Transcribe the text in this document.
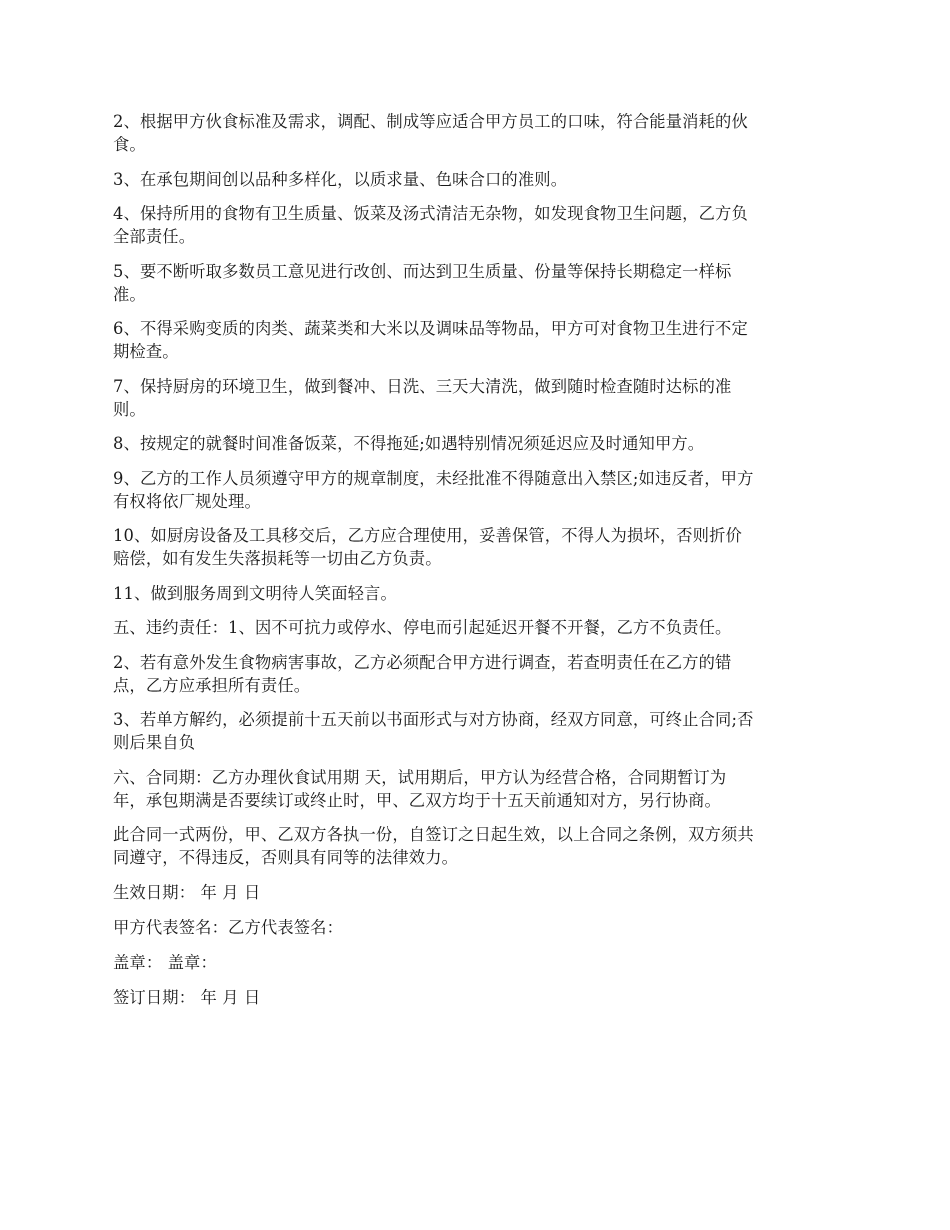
2、根据甲方伙食标准及需求，调配、制成等应适合甲方员工的口味，符合能量消耗的伙
食。

3、在承包期间创以品种多样化，以质求量、色味合口的准则。

4、保持所用的食物有卫生质量、饭菜及汤式清洁无杂物，如发现食物卫生问题，乙方负
全部责任。

5、要不断听取多数员工意见进行改创、而达到卫生质量、份量等保持长期稳定一样标
准。

6、不得采购变质的肉类、蔬菜类和大米以及调味品等物品，甲方可对食物卫生进行不定
期检查。

7、保持厨房的环境卫生，做到餐冲、日洗、三天大清洗，做到随时检查随时达标的准
则。

8、按规定的就餐时间准备饭菜，不得拖延;如遇特别情况须延迟应及时通知甲方。

9、乙方的工作人员须遵守甲方的规章制度，未经批准不得随意出入禁区;如违反者，甲方
有权将依厂规处理。

10、如厨房设备及工具移交后，乙方应合理使用，妥善保管，不得人为损坏，否则折价
赔偿，如有发生失落损耗等一切由乙方负责。

11、做到服务周到文明待人笑面轻言。

五、违约责任：1、因不可抗力或停水、停电而引起延迟开餐不开餐，乙方不负责任。

2、若有意外发生食物病害事故，乙方必须配合甲方进行调查，若查明责任在乙方的错
点，乙方应承担所有责任。

3、若单方解约，必须提前十五天前以书面形式与对方协商，经双方同意，可终止合同;否
则后果自负

六、合同期：乙方办理伙食试用期 天，试用期后，甲方认为经营合格，合同期暂订为
年，承包期满是否要续订或终止时，甲、乙双方均于十五天前通知对方，另行协商。

此合同一式两份，甲、乙双方各执一份，自签订之日起生效，以上合同之条例，双方须共
同遵守，不得违反，否则具有同等的法律效力。

生效日期： 年 月 日

甲方代表签名：乙方代表签名：

盖章： 盖章：

签订日期： 年 月 日
